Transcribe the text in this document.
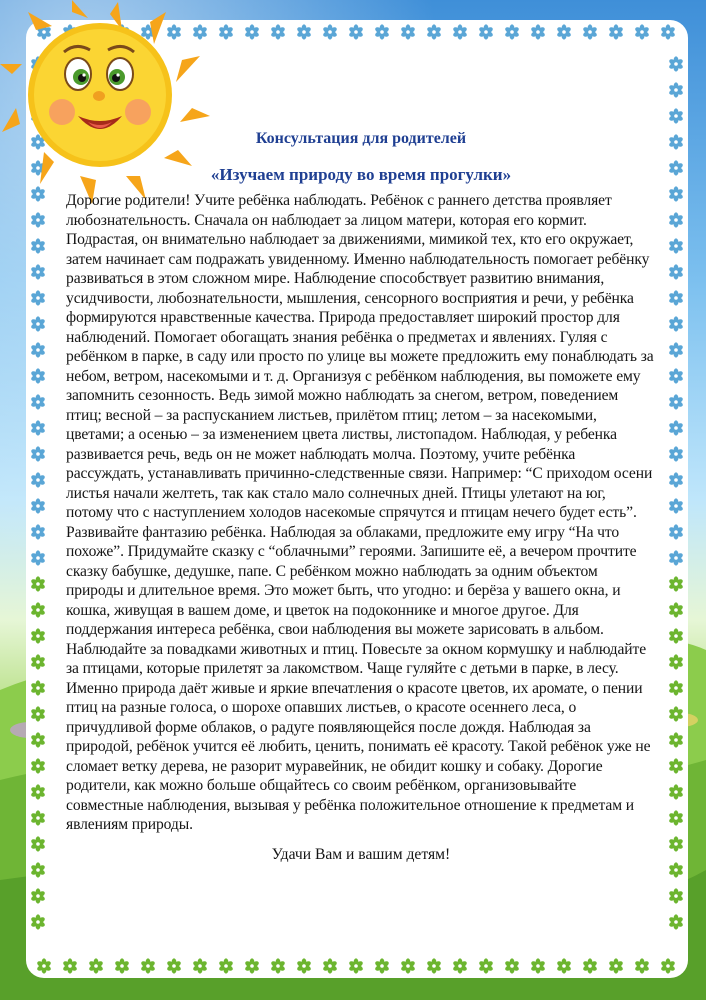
Консультация для родителей

«Изучаем природу во время прогулки»

Дорогие родители! Учите ребёнка наблюдать. Ребёнок с раннего детства проявляет любознательность. Сначала он наблюдает за лицом матери, которая его кормит. Подрастая, он внимательно наблюдает за движениями, мимикой тех, кто его окружает, затем начинает сам подражать увиденному. Именно наблюдательность помогает ребёнку развиваться в этом сложном мире. Наблюдение способствует развитию внимания, усидчивости, любознательности, мышления, сенсорного восприятия и речи, у ребёнка формируются нравственные качества. Природа предоставляет широкий простор для наблюдений. Помогает обогащать знания ребёнка о предметах и явлениях. Гуляя с ребёнком в парке, в саду или просто по улице вы можете предложить ему понаблюдать за небом, ветром, насекомыми и т. д. Организуя с ребёнком наблюдения, вы поможете ему запомнить сезонность. Ведь зимой можно наблюдать за снегом, ветром, поведением птиц; весной – за распусканием листьев, прилётом птиц; летом – за насекомыми, цветами; а осенью – за изменением цвета листвы, листопадом. Наблюдая, у ребенка развивается речь, ведь он не может наблюдать молча. Поэтому, учите ребёнка рассуждать, устанавливать причинно-следственные связи. Например: “С приходом осени листья начали желтеть, так как стало мало солнечных дней. Птицы улетают на юг, потому что с наступлением холодов насекомые спрячутся и птицам нечего будет есть”. Развивайте фантазию ребёнка. Наблюдая за облаками, предложите ему игру “На что похоже”. Придумайте сказку с “облачными” героями. Запишите её, а вечером прочтите сказку бабушке, дедушке, папе. С ребёнком можно наблюдать за одним объектом природы и длительное время. Это может быть, что угодно: и берёза у вашего окна, и кошка, живущая в вашем доме, и цветок на подоконнике и многое другое. Для поддержания интереса ребёнка, свои наблюдения вы можете зарисовать в альбом. Наблюдайте за повадками животных и птиц. Повесьте за окном кормушку и наблюдайте за птицами, которые прилетят за лакомством. Чаще гуляйте с детьми в парке, в лесу. Именно природа даёт живые и яркие впечатления о красоте цветов, их аромате, о пении птиц на разные голоса, о шорохе опавших листьев, о красоте осеннего леса, о причудливой форме облаков, о радуге появляющейся после дождя. Наблюдая за природой, ребёнок учится её любить, ценить, понимать её красоту. Такой ребёнок уже не сломает ветку дерева, не разорит муравейник, не обидит кошку и собаку. Дорогие родители, как можно больше общайтесь со своим ребёнком, организовывайте совместные наблюдения, вызывая у ребёнка положительное отношение к предметам и явлениям природы.

Удачи Вам и вашим детям!
